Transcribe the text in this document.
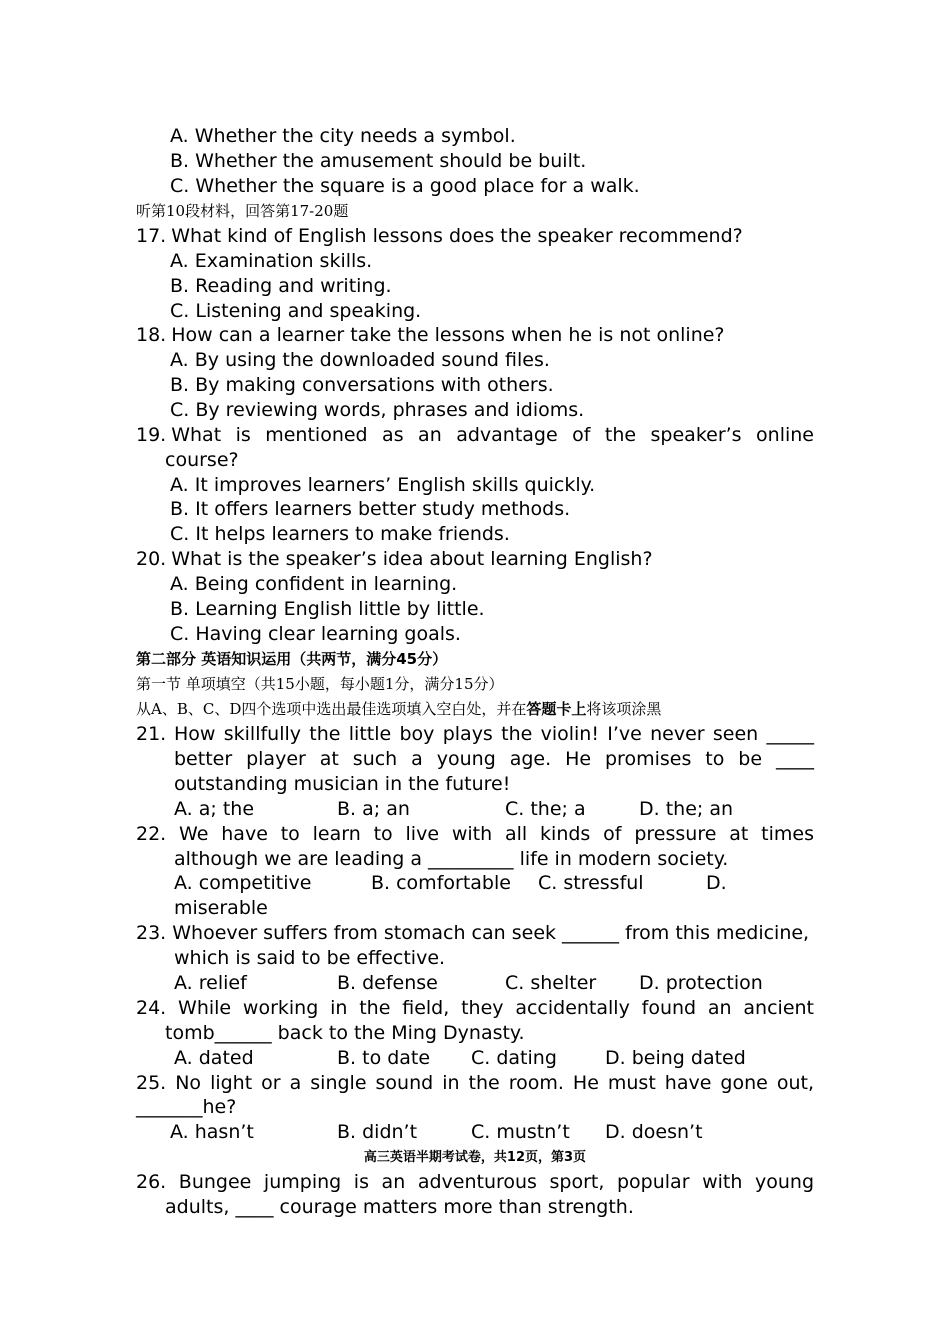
A. Whether the city needs a symbol.
B. Whether the amusement should be built.
C. Whether the square is a good place for a walk.
听第10段材料，回答第17-20题
17. What kind of English lessons does the speaker recommend?
A. Examination skills.
B. Reading and writing.
C. Listening and speaking.
18. How can a learner take the lessons when he is not online?
A. By using the downloaded sound files.
B. By making conversations with others.
C. By reviewing words, phrases and idioms.
19. What is mentioned as an advantage of the speaker’s online
course?
A. It improves learners’ English skills quickly.
B. It offers learners better study methods.
C. It helps learners to make friends.
20. What is the speaker’s idea about learning English?
A. Being confident in learning.
B. Learning English little by little.
C. Having clear learning goals.
第二部分 英语知识运用（共两节，满分45分）
第一节 单项填空（共15小题，每小题1分，满分15分）
从A、B、C、D四个选项中选出最佳选项填入空白处，并在答题卡上将该项涂黑
21. How skillfully the little boy plays the violin! I’ve never seen _____
better player at such a young age. He promises to be ____
outstanding musician in the future!
A. a; the	B. a; an	C. the; a	D. the; an
22. We have to learn to live with all kinds of pressure at times
although we are leading a _________ life in modern society.
A. competitive	B. comfortable C. stressful	D.
miserable
23. Whoever suffers from stomach can seek ______ from this medicine,
which is said to be effective.
A. relief	B. defense	C. shelter D. protection
24. While working in the field, they accidentally found an ancient
tomb______ back to the Ming Dynasty.
A. dated	B. to date C. dating	D. being dated
25. No light or a single sound in the room. He must have gone out,
_______he?
A. hasn’t	B. didn’t	C. mustn’t D. doesn’t
高三英语半期考试卷，共12页，第3页
26. Bungee jumping is an adventurous sport, popular with young
adults, ____ courage matters more than strength.
